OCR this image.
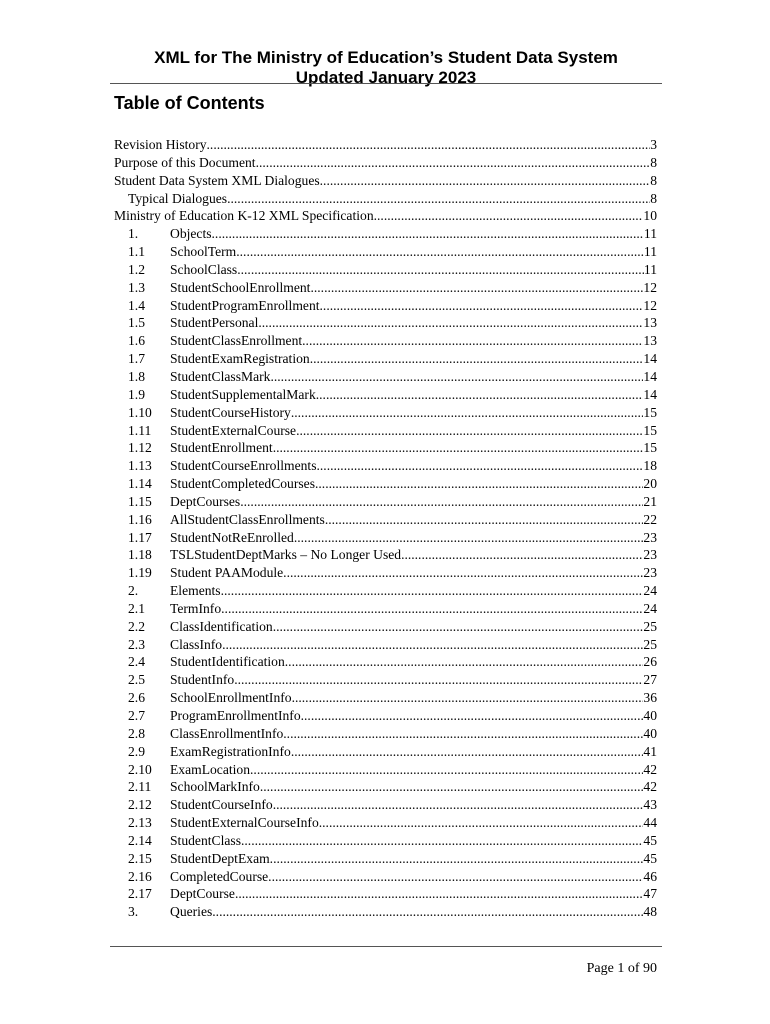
XML for The Ministry of Education’s Student Data System
Updated January 2023
Table of Contents
Revision History .....	3
Purpose of this Document .....	8
Student Data System XML Dialogues .....	8
Typical Dialogues .....	8
Ministry of Education K-12 XML Specification .....	10
1. Objects .....	11
1.1 SchoolTerm .....	11
1.2 SchoolClass .....	11
1.3 StudentSchoolEnrollment .....	12
1.4 StudentProgramEnrollment .....	12
1.5 StudentPersonal .....	13
1.6 StudentClassEnrollment .....	13
1.7 StudentExamRegistration .....	14
1.8 StudentClassMark .....	14
1.9 StudentSupplementalMark .....	14
1.10 StudentCourseHistory .....	15
1.11 StudentExternalCourse .....	15
1.12 StudentEnrollment .....	15
1.13 StudentCourseEnrollments .....	18
1.14 StudentCompletedCourses .....	20
1.15 DeptCourses .....	21
1.16 AllStudentClassEnrollments .....	22
1.17 StudentNotReEnrolled .....	23
1.18 TSLStudentDeptMarks – No Longer Used .....	23
1.19 Student PAAModule .....	23
2. Elements .....	24
2.1 TermInfo .....	24
2.2 ClassIdentification .....	25
2.3 ClassInfo .....	25
2.4 StudentIdentification .....	26
2.5 StudentInfo .....	27
2.6 SchoolEnrollmentInfo .....	36
2.7 ProgramEnrollmentInfo .....	40
2.8 ClassEnrollmentInfo .....	40
2.9 ExamRegistrationInfo .....	41
2.10 ExamLocation .....	42
2.11 SchoolMarkInfo .....	42
2.12 StudentCourseInfo .....	43
2.13 StudentExternalCourseInfo .....	44
2.14 StudentClass .....	45
2.15 StudentDeptExam .....	45
2.16 CompletedCourse .....	46
2.17 DeptCourse .....	47
3. Queries .....	48
Page 1 of 90
